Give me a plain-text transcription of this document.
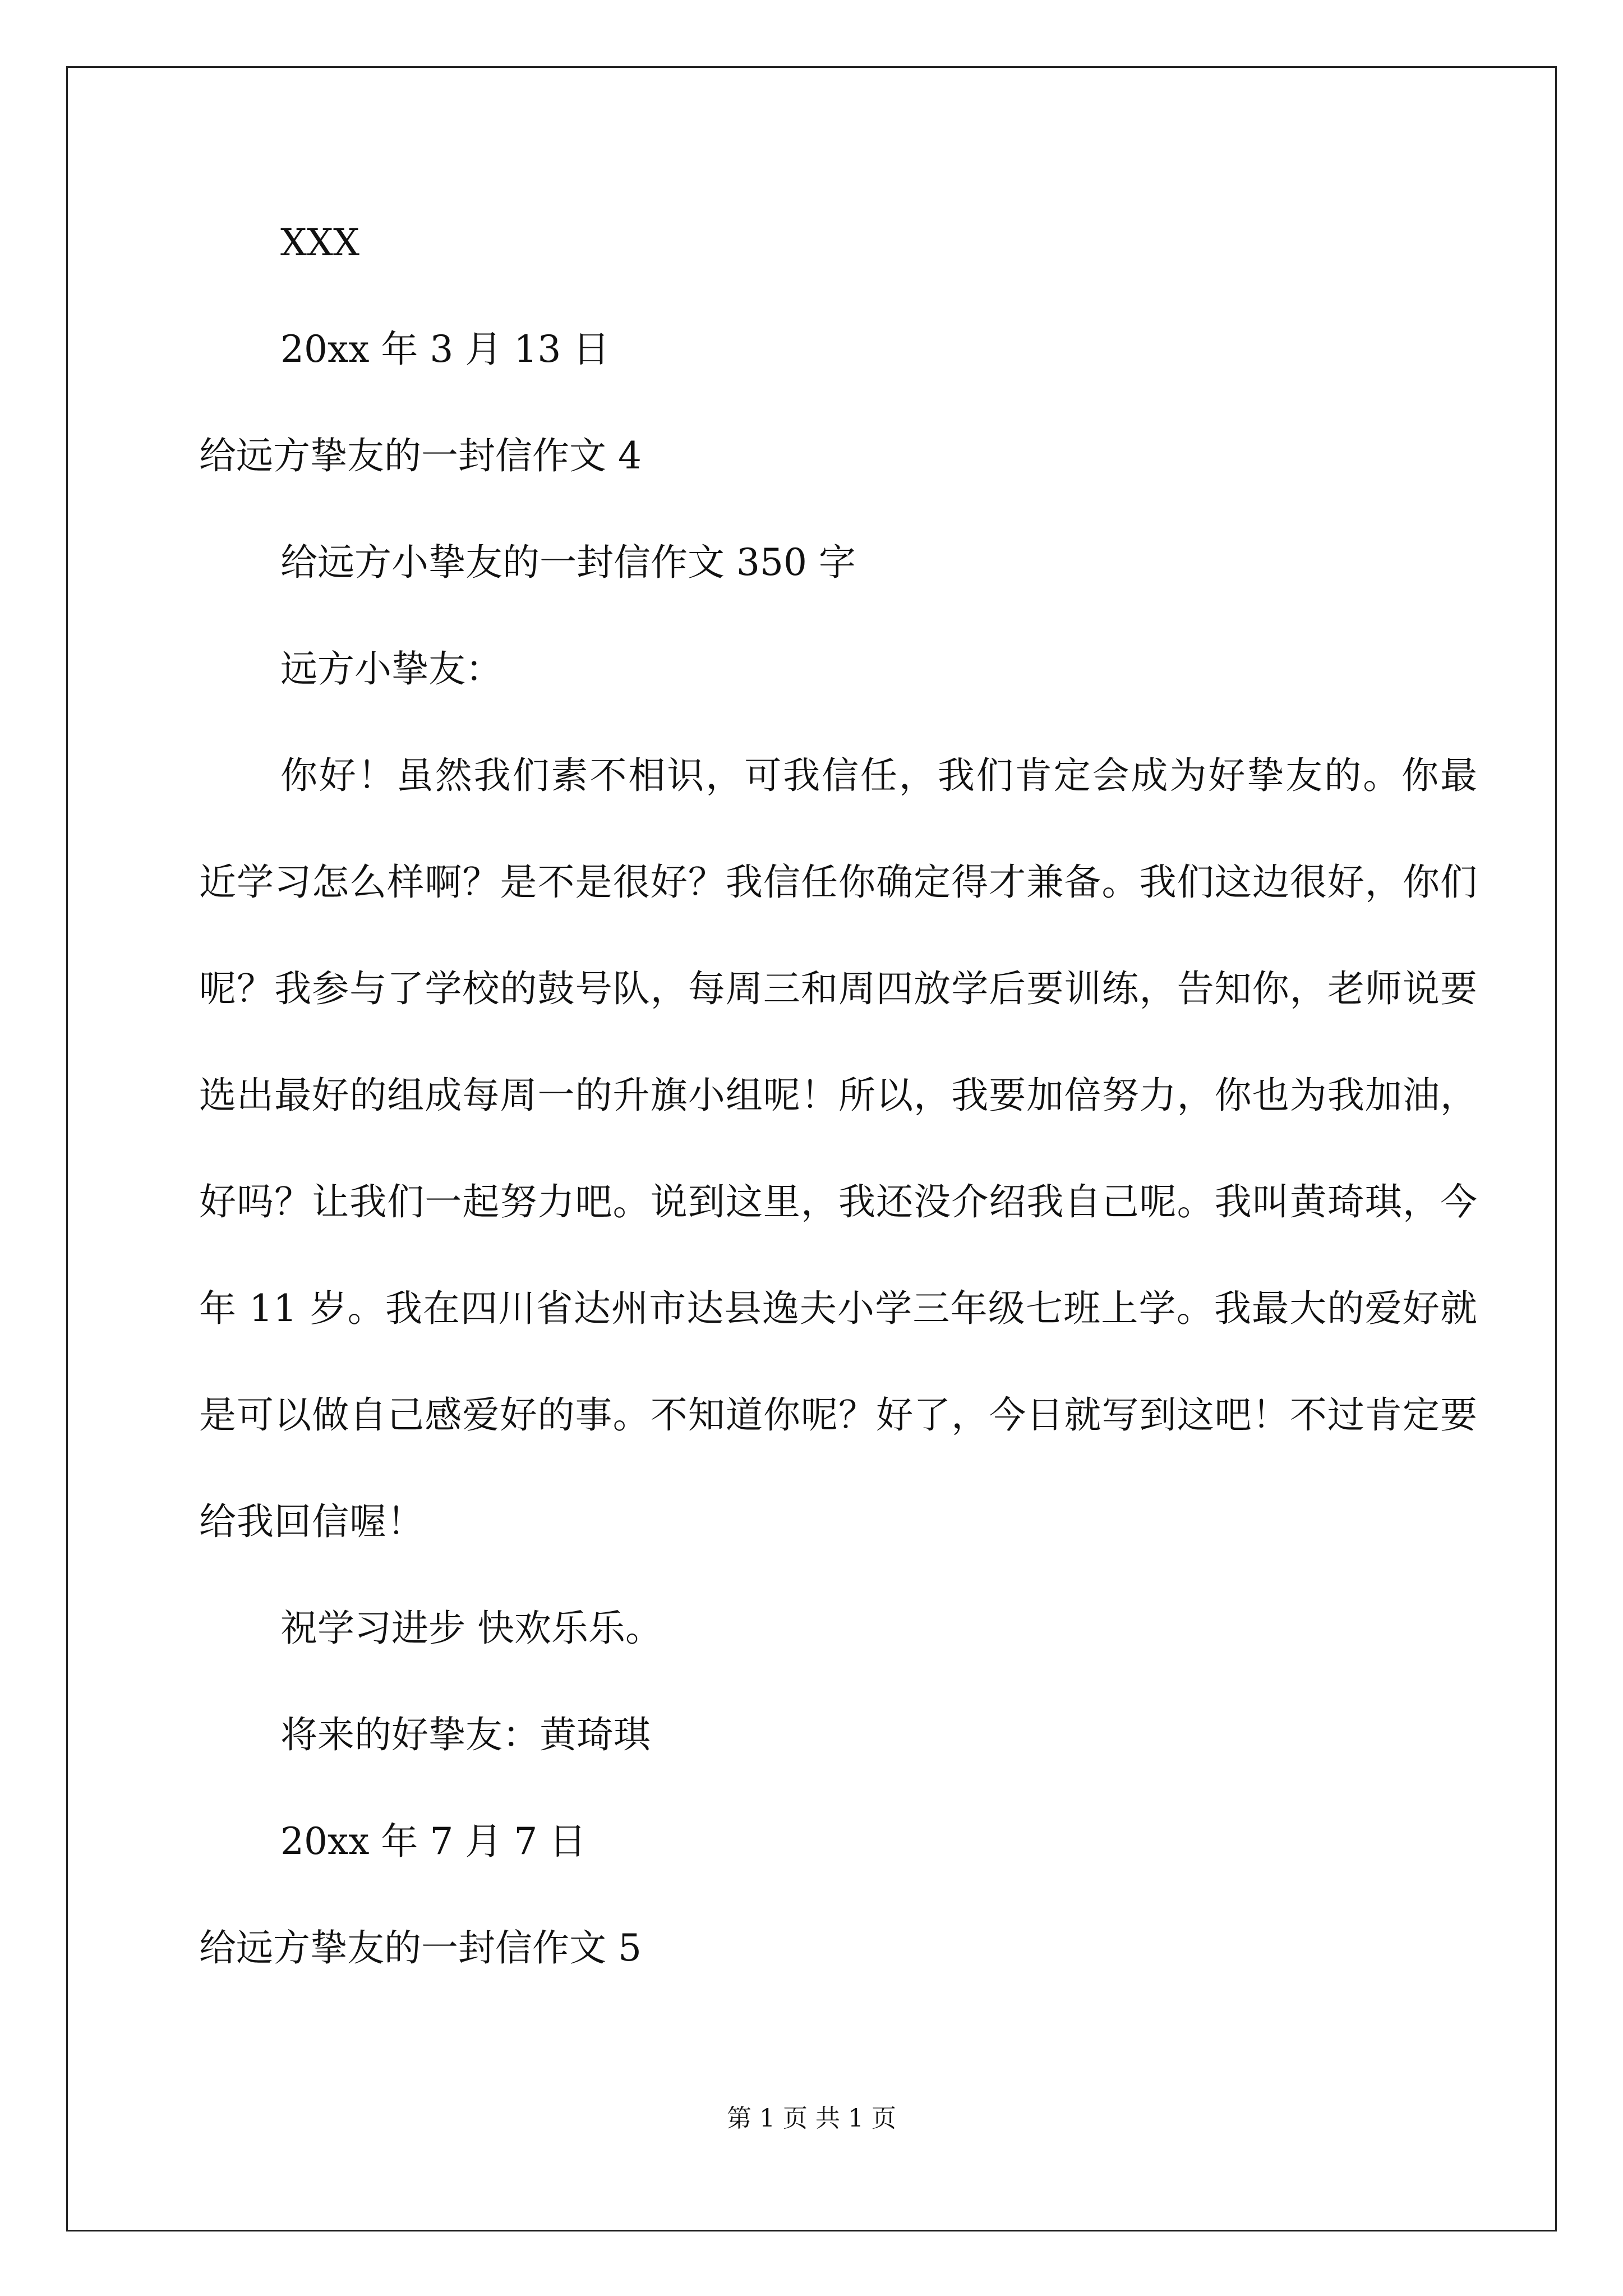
XXX
20xx 年 3 月 13 日
给远方挚友的一封信作文 4
给远方小挚友的一封信作文 350 字
远方小挚友：

你好！虽然我们素不相识，可我信任，我们肯定会成为好挚友的。你最近学习怎么样啊？是不是很好？我信任你确定得才兼备。我们这边很好，你们呢？我参与了学校的鼓号队，每周三和周四放学后要训练，告知你，老师说要选出最好的组成每周一的升旗小组呢！所以，我要加倍努力，你也为我加油，好吗？让我们一起努力吧。说到这里，我还没介绍我自己呢。我叫黄琦琪，今年 11 岁。我在四川省达州市达县逸夫小学三年级七班上学。我最大的爱好就是可以做自己感爱好的事。不知道你呢？好了，今日就写到这吧！不过肯定要给我回信喔！

祝学习进步 快欢乐乐。
将来的好挚友：黄琦琪
20xx 年 7 月 7 日
给远方挚友的一封信作文 5
第 1 页 共 1 页
